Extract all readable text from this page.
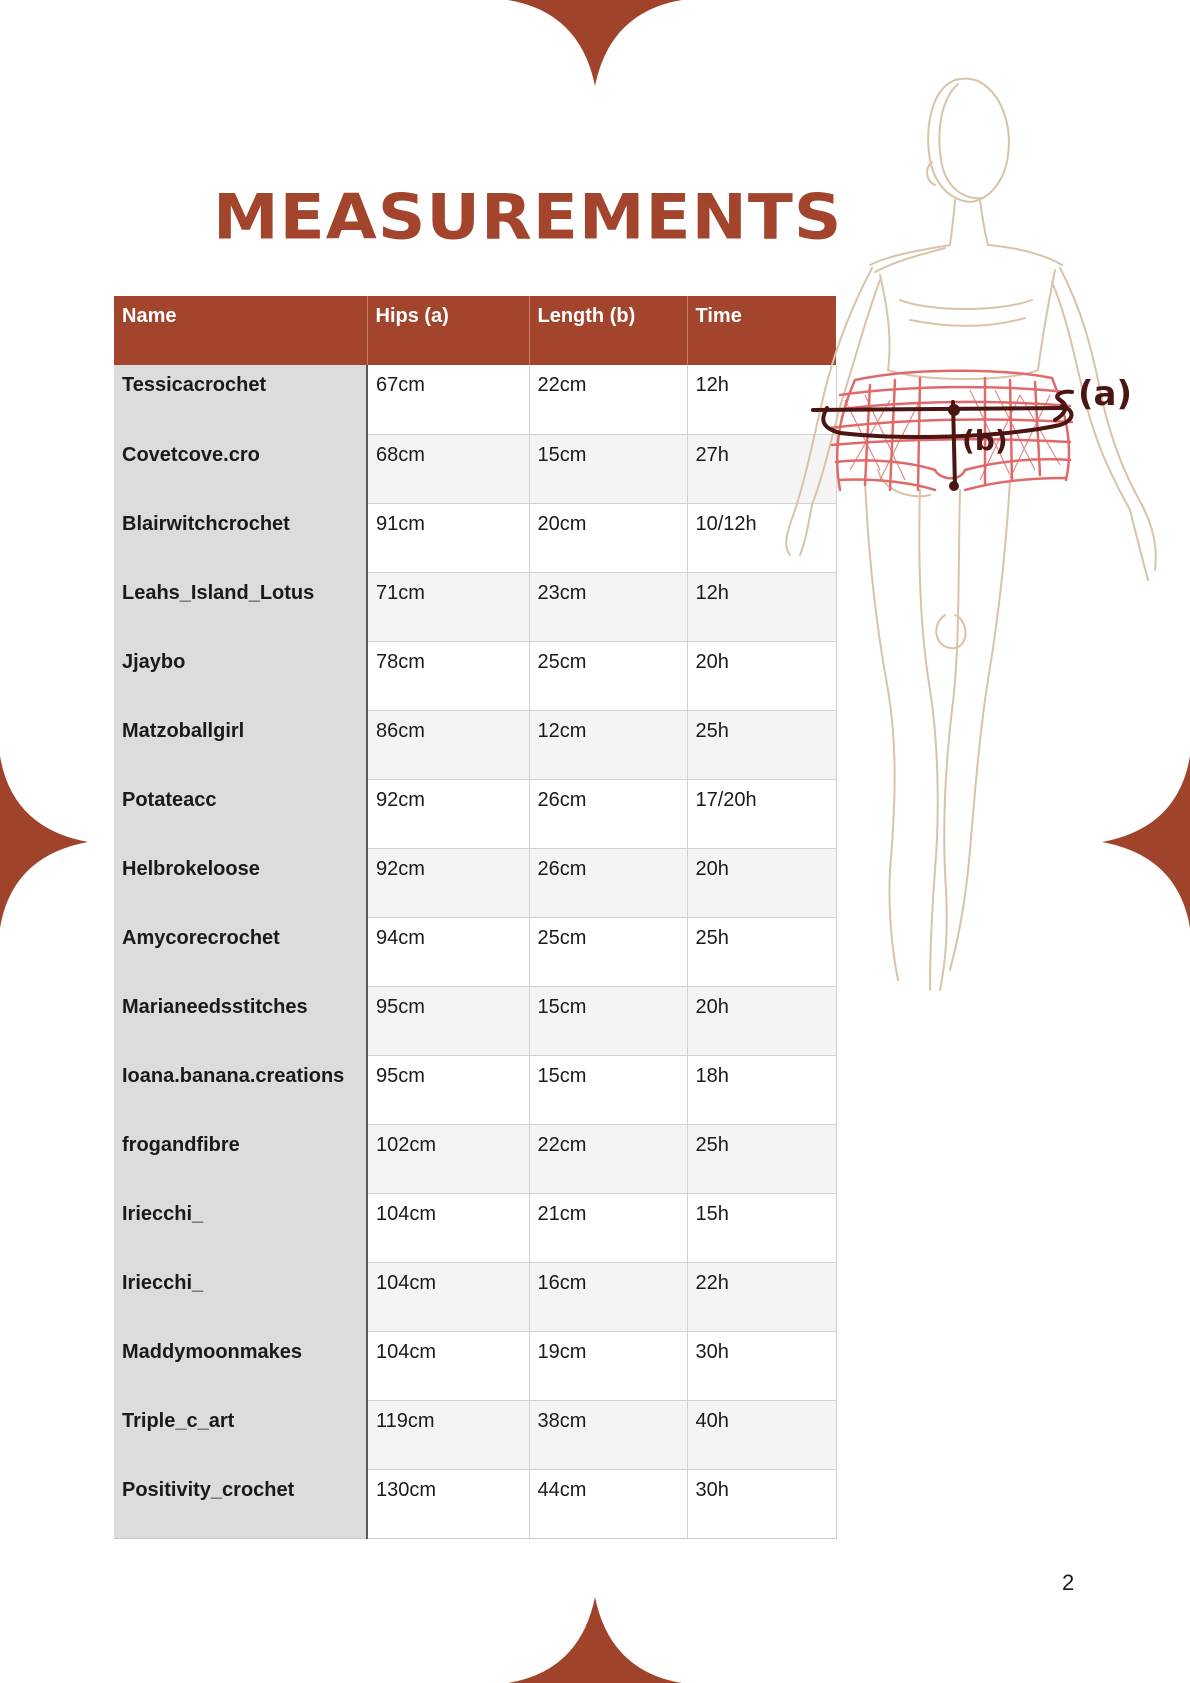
MEASUREMENTS
Name	Hips (a)	Length (b)	Time
Tessicacrochet	67cm	22cm	12h
Covetcove.cro	68cm	15cm	27h
Blairwitchcrochet	91cm	20cm	10/12h
Leahs_Island_Lotus	71cm	23cm	12h
Jjaybo	78cm	25cm	20h
Matzoballgirl	86cm	12cm	25h
Potateacc	92cm	26cm	17/20h
Helbrokeloose	92cm	26cm	20h
Amycorecrochet	94cm	25cm	25h
Marianeedsstitches	95cm	15cm	20h
Ioana.banana.creations	95cm	15cm	18h
frogandfibre	102cm	22cm	25h
Iriecchi_	104cm	21cm	15h
Iriecchi_	104cm	16cm	22h
Maddymoonmakes	104cm	19cm	30h
Triple_c_art	119cm	38cm	40h
Positivity_crochet	130cm	44cm	30h
(a)
(b)
2
